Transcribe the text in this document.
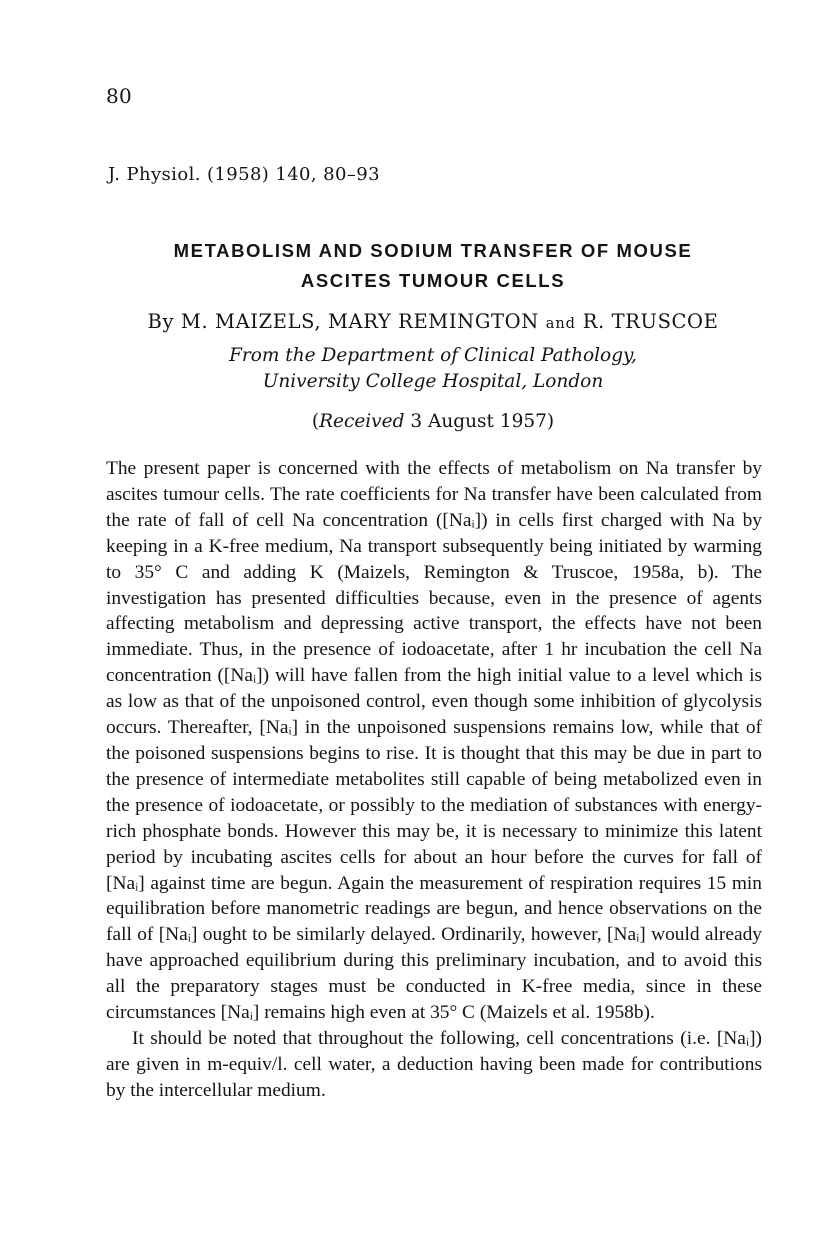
80
J. Physiol. (1958) 140, 80–93
METABOLISM AND SODIUM TRANSFER OF MOUSE
ASCITES TUMOUR CELLS
By M. MAIZELS, MARY REMINGTON and R. TRUSCOE
From the Department of Clinical Pathology,
University College Hospital, London
(Received 3 August 1957)

The present paper is concerned with the effects of metabolism on Na transfer by ascites tumour cells. The rate coefficients for Na transfer have been calculated from the rate of fall of cell Na concentration ([Naᵢ]) in cells first charged with Na by keeping in a K-free medium, Na transport subsequently being initiated by warming to 35° C and adding K (Maizels, Remington & Truscoe, 1958a, b). The investigation has presented difficulties because, even in the presence of agents affecting metabolism and depressing active transport, the effects have not been immediate. Thus, in the presence of iodoacetate, after 1 hr incubation the cell Na concentration ([Naᵢ]) will have fallen from the high initial value to a level which is as low as that of the unpoisoned control, even though some inhibition of glycolysis occurs. Thereafter, [Naᵢ] in the unpoisoned suspensions remains low, while that of the poisoned suspensions begins to rise. It is thought that this may be due in part to the presence of intermediate metabolites still capable of being metabolized even in the presence of iodoacetate, or possibly to the mediation of substances with energy-rich phosphate bonds. However this may be, it is necessary to minimize this latent period by incubating ascites cells for about an hour before the curves for fall of [Naᵢ] against time are begun. Again the measurement of respiration requires 15 min equilibration before manometric readings are begun, and hence observations on the fall of [Naᵢ] ought to be similarly delayed. Ordinarily, however, [Naᵢ] would already have approached equilibrium during this preliminary incubation, and to avoid this all the preparatory stages must be conducted in K-free media, since in these circumstances [Naᵢ] remains high even at 35° C (Maizels et al. 1958b).

It should be noted that throughout the following, cell concentrations (i.e. [Naᵢ]) are given in m-equiv/l. cell water, a deduction having been made for contributions by the intercellular medium.
